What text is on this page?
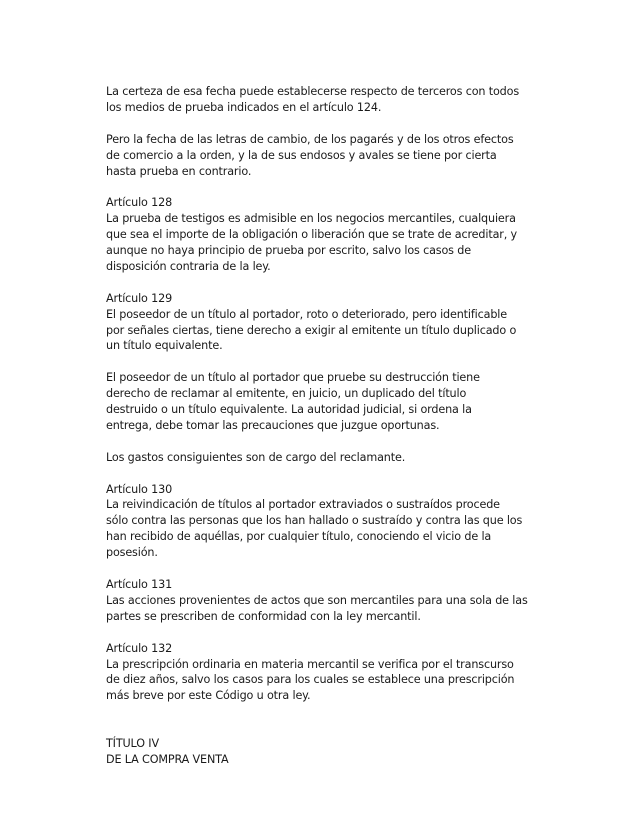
La certeza de esa fecha puede establecerse respecto de terceros con todos
los medios de prueba indicados en el artículo 124.
Pero la fecha de las letras de cambio, de los pagarés y de los otros efectos
de comercio a la orden, y la de sus endosos y avales se tiene por cierta
hasta prueba en contrario.
Artículo 128
La prueba de testigos es admisible en los negocios mercantiles, cualquiera
que sea el importe de la obligación o liberación que se trate de acreditar, y
aunque no haya principio de prueba por escrito, salvo los casos de
disposición contraria de la ley.
Artículo 129
El poseedor de un título al portador, roto o deteriorado, pero identificable
por señales ciertas, tiene derecho a exigir al emitente un título duplicado o
un título equivalente.
El poseedor de un título al portador que pruebe su destrucción tiene
derecho de reclamar al emitente, en juicio, un duplicado del título
destruido o un título equivalente. La autoridad judicial, si ordena la
entrega, debe tomar las precauciones que juzgue oportunas.
Los gastos consiguientes son de cargo del reclamante.
Artículo 130
La reivindicación de títulos al portador extraviados o sustraídos procede
sólo contra las personas que los han hallado o sustraído y contra las que los
han recibido de aquéllas, por cualquier título, conociendo el vicio de la
posesión.
Artículo 131
Las acciones provenientes de actos que son mercantiles para una sola de las
partes se prescriben de conformidad con la ley mercantil.
Artículo 132
La prescripción ordinaria en materia mercantil se verifica por el transcurso
de diez años, salvo los casos para los cuales se establece una prescripción
más breve por este Código u otra ley.
TÍTULO IV
DE LA COMPRA VENTA
